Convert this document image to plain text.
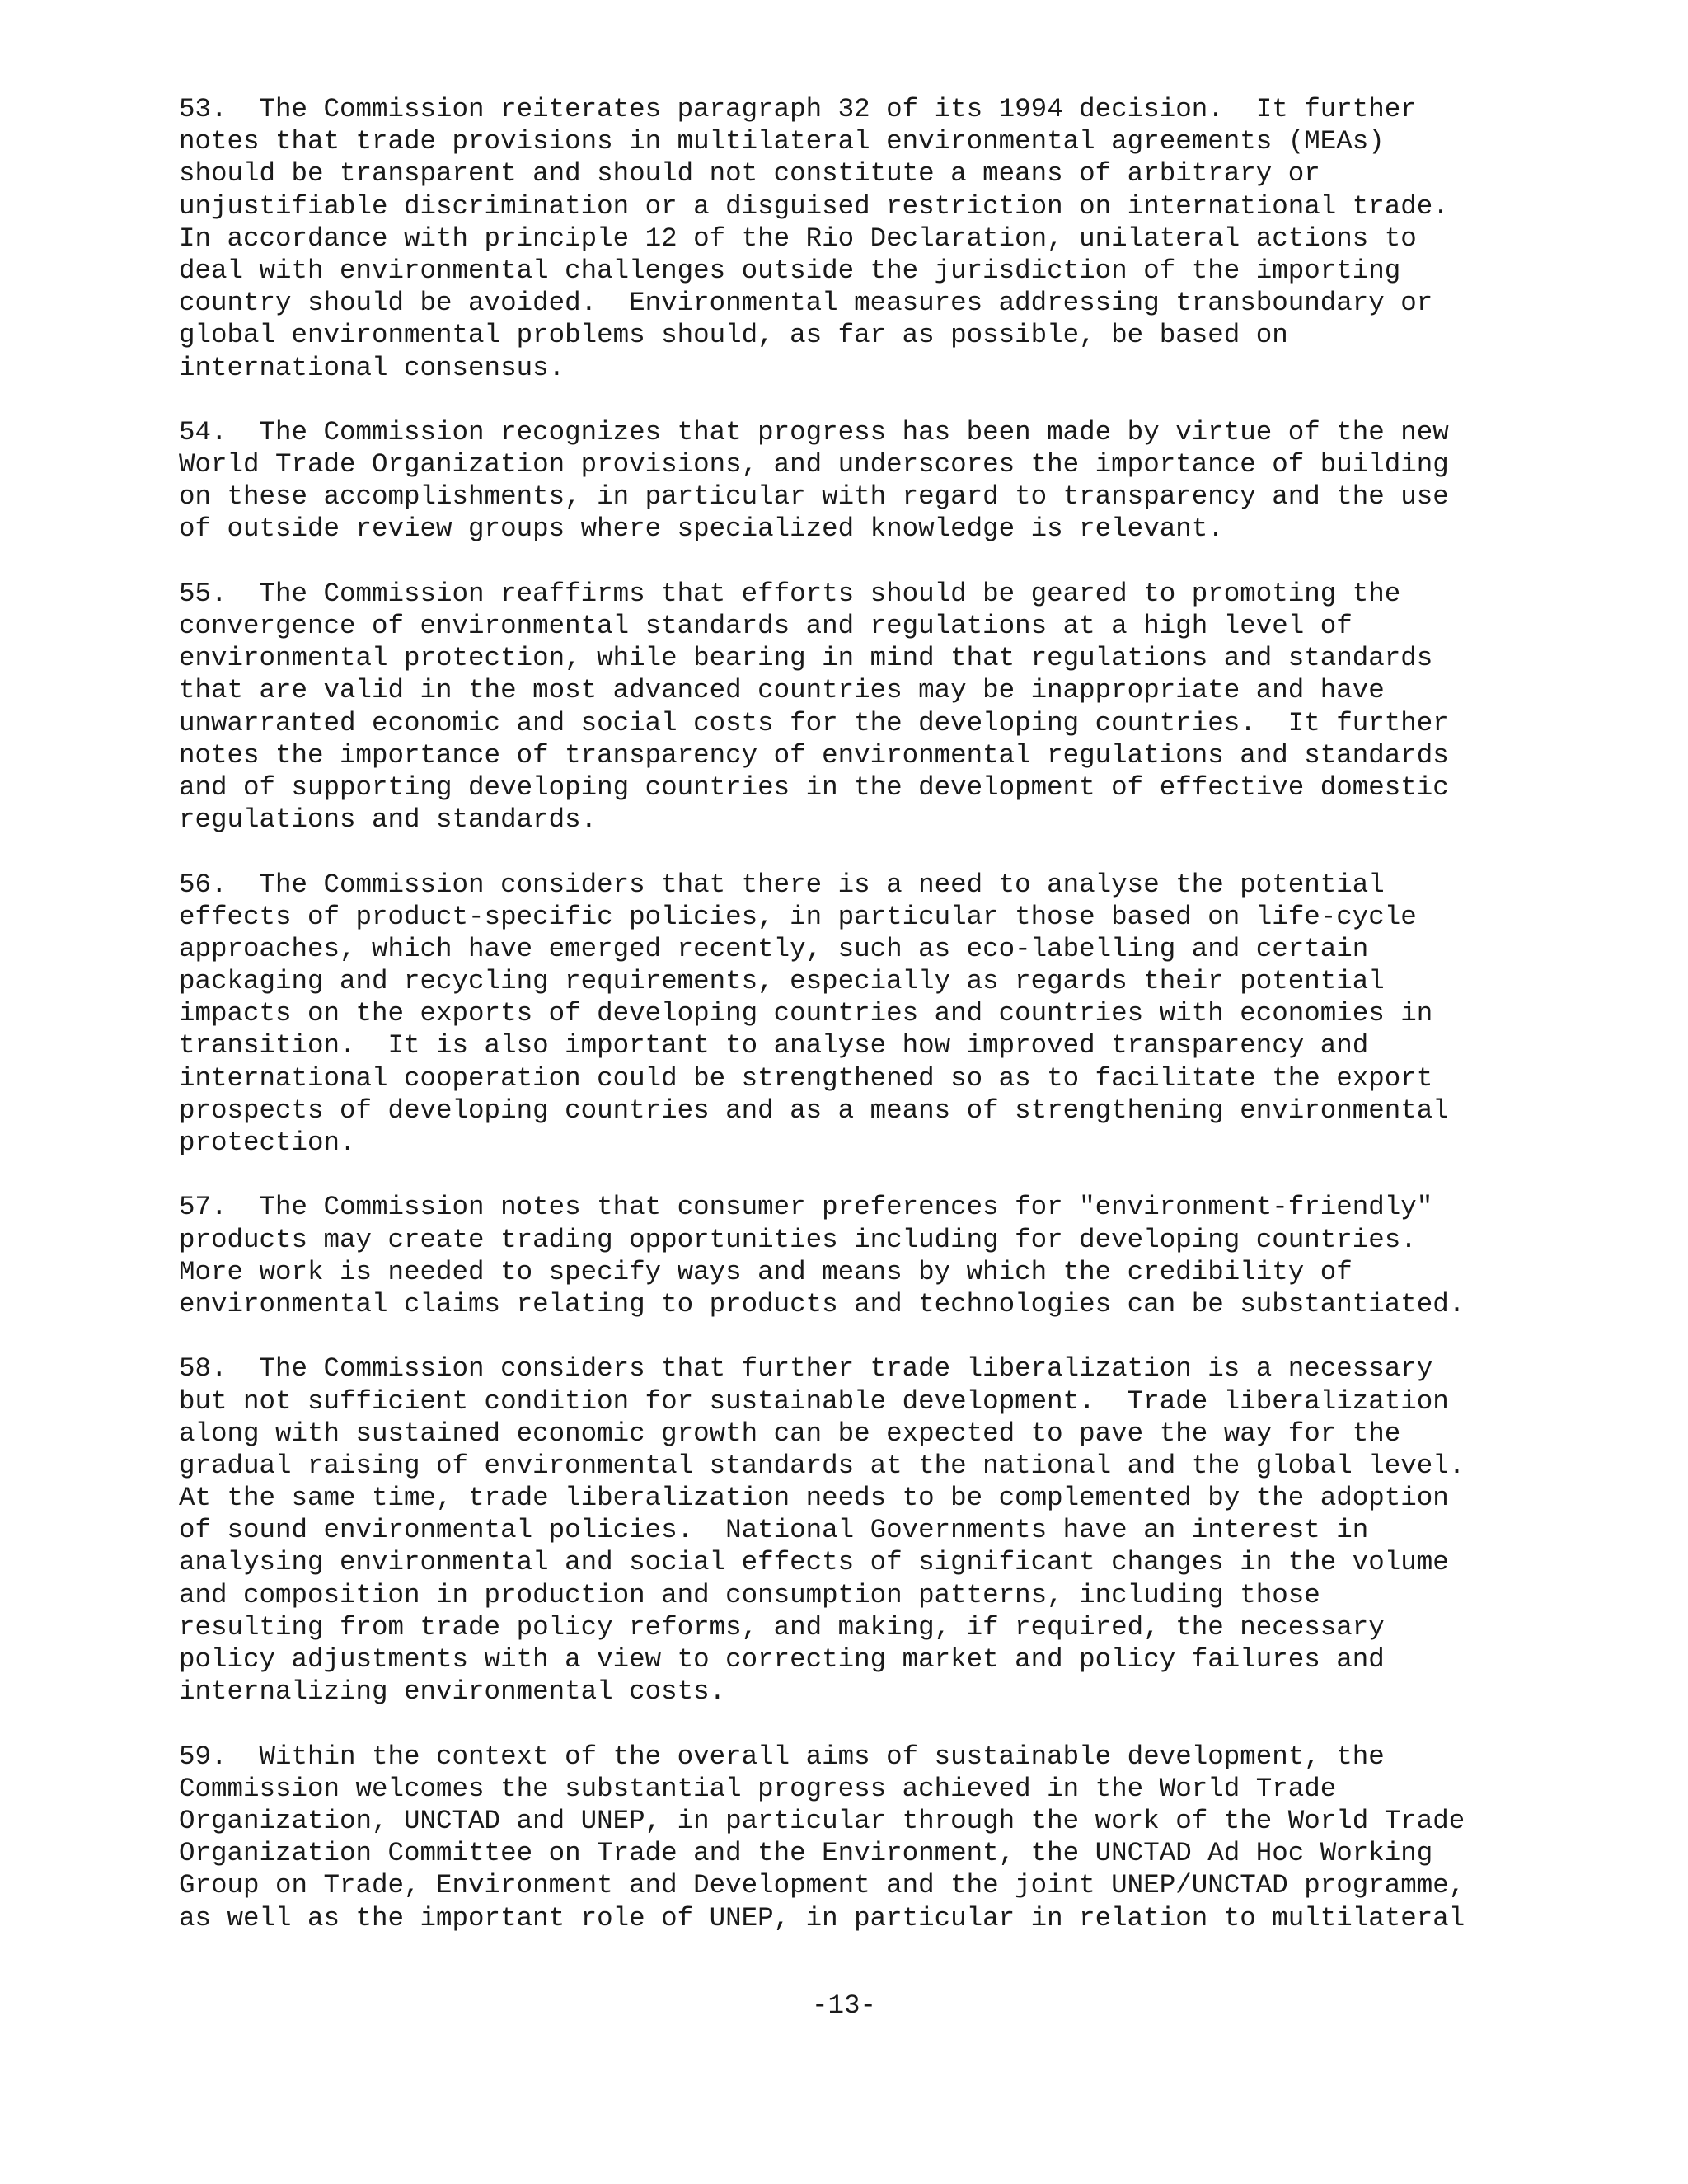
53.  The Commission reiterates paragraph 32 of its 1994 decision.  It further
notes that trade provisions in multilateral environmental agreements (MEAs)
should be transparent and should not constitute a means of arbitrary or
unjustifiable discrimination or a disguised restriction on international trade.
In accordance with principle 12 of the Rio Declaration, unilateral actions to
deal with environmental challenges outside the jurisdiction of the importing
country should be avoided.  Environmental measures addressing transboundary or
global environmental problems should, as far as possible, be based on
international consensus.
54.  The Commission recognizes that progress has been made by virtue of the new
World Trade Organization provisions, and underscores the importance of building
on these accomplishments, in particular with regard to transparency and the use
of outside review groups where specialized knowledge is relevant.
55.  The Commission reaffirms that efforts should be geared to promoting the
convergence of environmental standards and regulations at a high level of
environmental protection, while bearing in mind that regulations and standards
that are valid in the most advanced countries may be inappropriate and have
unwarranted economic and social costs for the developing countries.  It further
notes the importance of transparency of environmental regulations and standards
and of supporting developing countries in the development of effective domestic
regulations and standards.
56.  The Commission considers that there is a need to analyse the potential
effects of product-specific policies, in particular those based on life-cycle
approaches, which have emerged recently, such as eco-labelling and certain
packaging and recycling requirements, especially as regards their potential
impacts on the exports of developing countries and countries with economies in
transition.  It is also important to analyse how improved transparency and
international cooperation could be strengthened so as to facilitate the export
prospects of developing countries and as a means of strengthening environmental
protection.
57.  The Commission notes that consumer preferences for "environment-friendly"
products may create trading opportunities including for developing countries.
More work is needed to specify ways and means by which the credibility of
environmental claims relating to products and technologies can be substantiated.
58.  The Commission considers that further trade liberalization is a necessary
but not sufficient condition for sustainable development.  Trade liberalization
along with sustained economic growth can be expected to pave the way for the
gradual raising of environmental standards at the national and the global level.
At the same time, trade liberalization needs to be complemented by the adoption
of sound environmental policies.  National Governments have an interest in
analysing environmental and social effects of significant changes in the volume
and composition in production and consumption patterns, including those
resulting from trade policy reforms, and making, if required, the necessary
policy adjustments with a view to correcting market and policy failures and
internalizing environmental costs.
59.  Within the context of the overall aims of sustainable development, the
Commission welcomes the substantial progress achieved in the World Trade
Organization, UNCTAD and UNEP, in particular through the work of the World Trade
Organization Committee on Trade and the Environment, the UNCTAD Ad Hoc Working
Group on Trade, Environment and Development and the joint UNEP/UNCTAD programme,
as well as the important role of UNEP, in particular in relation to multilateral
-13-
